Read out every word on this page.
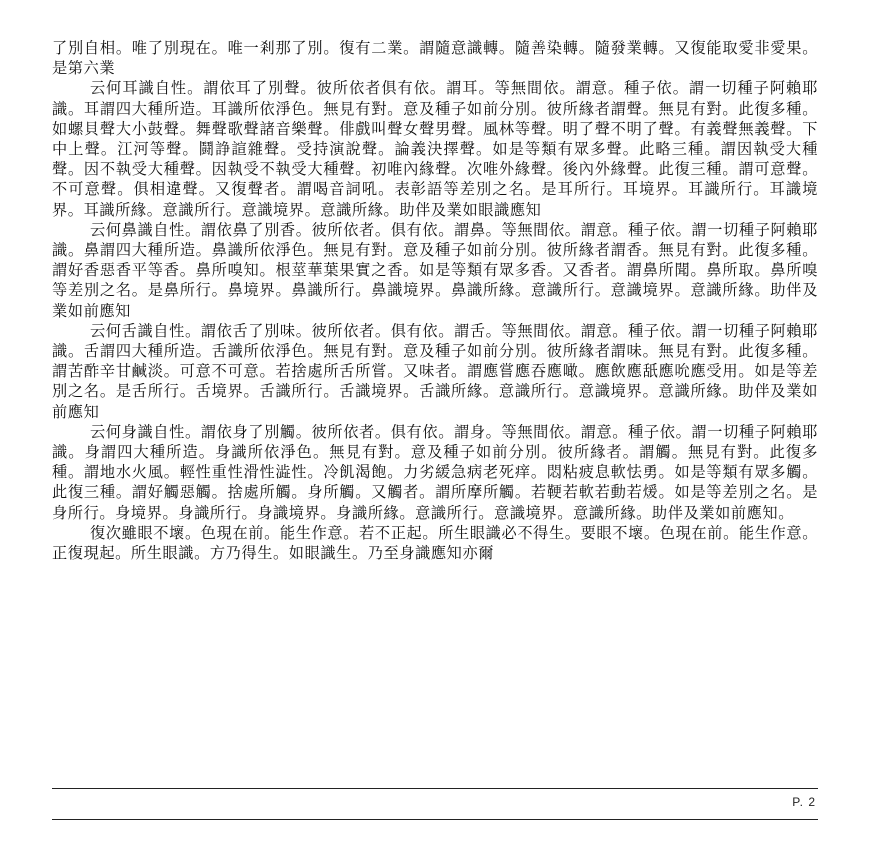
了別自相。唯了別現在。唯一剎那了別。復有二業。謂隨意識轉。隨善染轉。隨發業轉。又復能取愛非愛果。是第六業

云何耳識自性。謂依耳了別聲。彼所依者俱有依。謂耳。等無間依。謂意。種子依。謂一切種子阿賴耶識。耳謂四大種所造。耳識所依淨色。無見有對。意及種子如前分別。彼所緣者謂聲。無見有對。此復多種。如螺貝聲大小鼓聲。舞聲歌聲諸音樂聲。俳戲叫聲女聲男聲。風林等聲。明了聲不明了聲。有義聲無義聲。下中上聲。江河等聲。鬪諍諠雜聲。受持演說聲。論義決擇聲。如是等類有眾多聲。此略三種。謂因執受大種聲。因不執受大種聲。因執受不執受大種聲。初唯內緣聲。次唯外緣聲。後內外緣聲。此復三種。謂可意聲。不可意聲。俱相違聲。又復聲者。謂喝音詞吼。表彰語等差別之名。是耳所行。耳境界。耳識所行。耳識境界。耳識所緣。意識所行。意識境界。意識所緣。助伴及業如眼識應知

云何鼻識自性。謂依鼻了別香。彼所依者。俱有依。謂鼻。等無間依。謂意。種子依。謂一切種子阿賴耶識。鼻謂四大種所造。鼻識所依淨色。無見有對。意及種子如前分別。彼所緣者謂香。無見有對。此復多種。謂好香惡香平等香。鼻所嗅知。根莖華葉果實之香。如是等類有眾多香。又香者。謂鼻所聞。鼻所取。鼻所嗅等差別之名。是鼻所行。鼻境界。鼻識所行。鼻識境界。鼻識所緣。意識所行。意識境界。意識所緣。助伴及業如前應知

云何舌識自性。謂依舌了別味。彼所依者。俱有依。謂舌。等無間依。謂意。種子依。謂一切種子阿賴耶識。舌謂四大種所造。舌識所依淨色。無見有對。意及種子如前分別。彼所緣者謂味。無見有對。此復多種。謂苦酢辛甘鹹淡。可意不可意。若捨處所舌所嘗。又味者。謂應嘗應吞應噉。應飲應舐應吮應受用。如是等差別之名。是舌所行。舌境界。舌識所行。舌識境界。舌識所緣。意識所行。意識境界。意識所緣。助伴及業如前應知

云何身識自性。謂依身了別觸。彼所依者。俱有依。謂身。等無間依。謂意。種子依。謂一切種子阿賴耶識。身謂四大種所造。身識所依淨色。無見有對。意及種子如前分別。彼所緣者。謂觸。無見有對。此復多種。謂地水火風。輕性重性滑性澁性。冷飢渴飽。力劣緩急病老死痒。悶粘疲息軟怯勇。如是等類有眾多觸。此復三種。謂好觸惡觸。捨處所觸。身所觸。又觸者。謂所摩所觸。若鞕若軟若動若煖。如是等差別之名。是身所行。身境界。身識所行。身識境界。身識所緣。意識所行。意識境界。意識所緣。助伴及業如前應知。

復次雖眼不壞。色現在前。能生作意。若不正起。所生眼識必不得生。要眼不壞。色現在前。能生作意。正復現起。所生眼識。方乃得生。如眼識生。乃至身識應知亦爾

P. 2
